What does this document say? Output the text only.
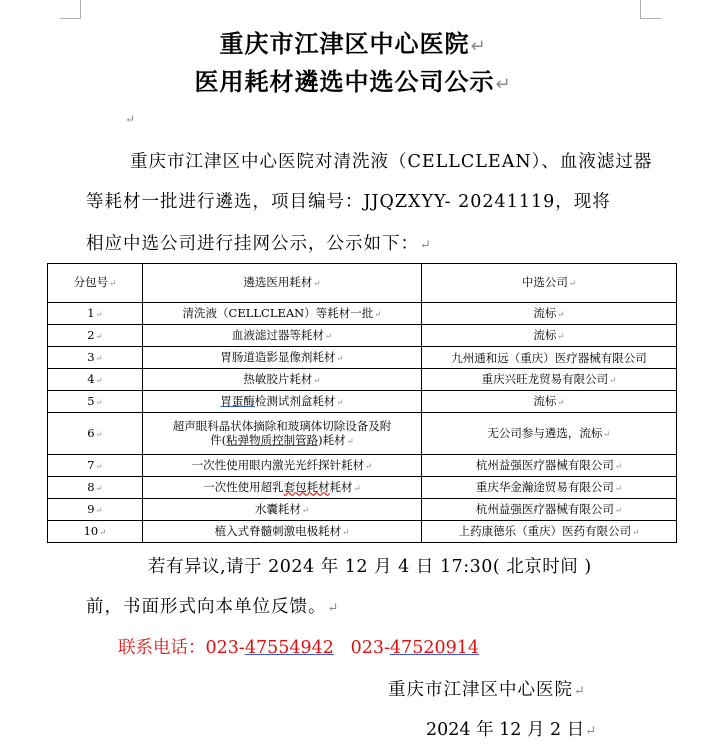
重庆市江津区中心医院↵
医用耗材遴选中选公司公示↵
↵
重庆市江津区中心医院对清洗液（CELLCLEAN）、血液滤过器
等耗材一批进行遴选，项目编号：JJQZXYY- 20241119，现将
相应中选公司进行挂网公示，公示如下：↵
分包号↵	遴选医用耗材↵	中选公司↵
1↵	清洗液（CELLCLEAN）等耗材一批↵	流标↵
2↵	血液滤过器等耗材↵	流标↵
3↵	胃肠道造影显像剂耗材↵	九州通和远（重庆）医疗器械有限公司
4↵	热敏胶片耗材↵	重庆兴旺龙贸易有限公司↵
5↵	胃蛋酶检测试剂盒耗材↵	流标↵
6↵	超声眼科晶状体摘除和玻璃体切除设备及附
件(粘弹物质控制管路)耗材↵	无公司参与遴选，流标↵
7↵	一次性使用眼内激光光纤探针耗材↵	杭州益强医疗器械有限公司↵
8↵	一次性使用超乳套包耗材耗材↵	重庆华金瀚途贸易有限公司↵
9↵	水囊耗材↵	杭州益强医疗器械有限公司↵
10↵	植入式脊髓刺激电极耗材↵	上药康德乐（重庆）医药有限公司↵
若有异议,请于 2024 年 12 月 4 日 17:30( 北京时间 )
前，书面形式向本单位反馈。↵
联系电话：023-47554942   023-47520914
重庆市江津区中心医院↵
2024 年 12 月 2 日↵
